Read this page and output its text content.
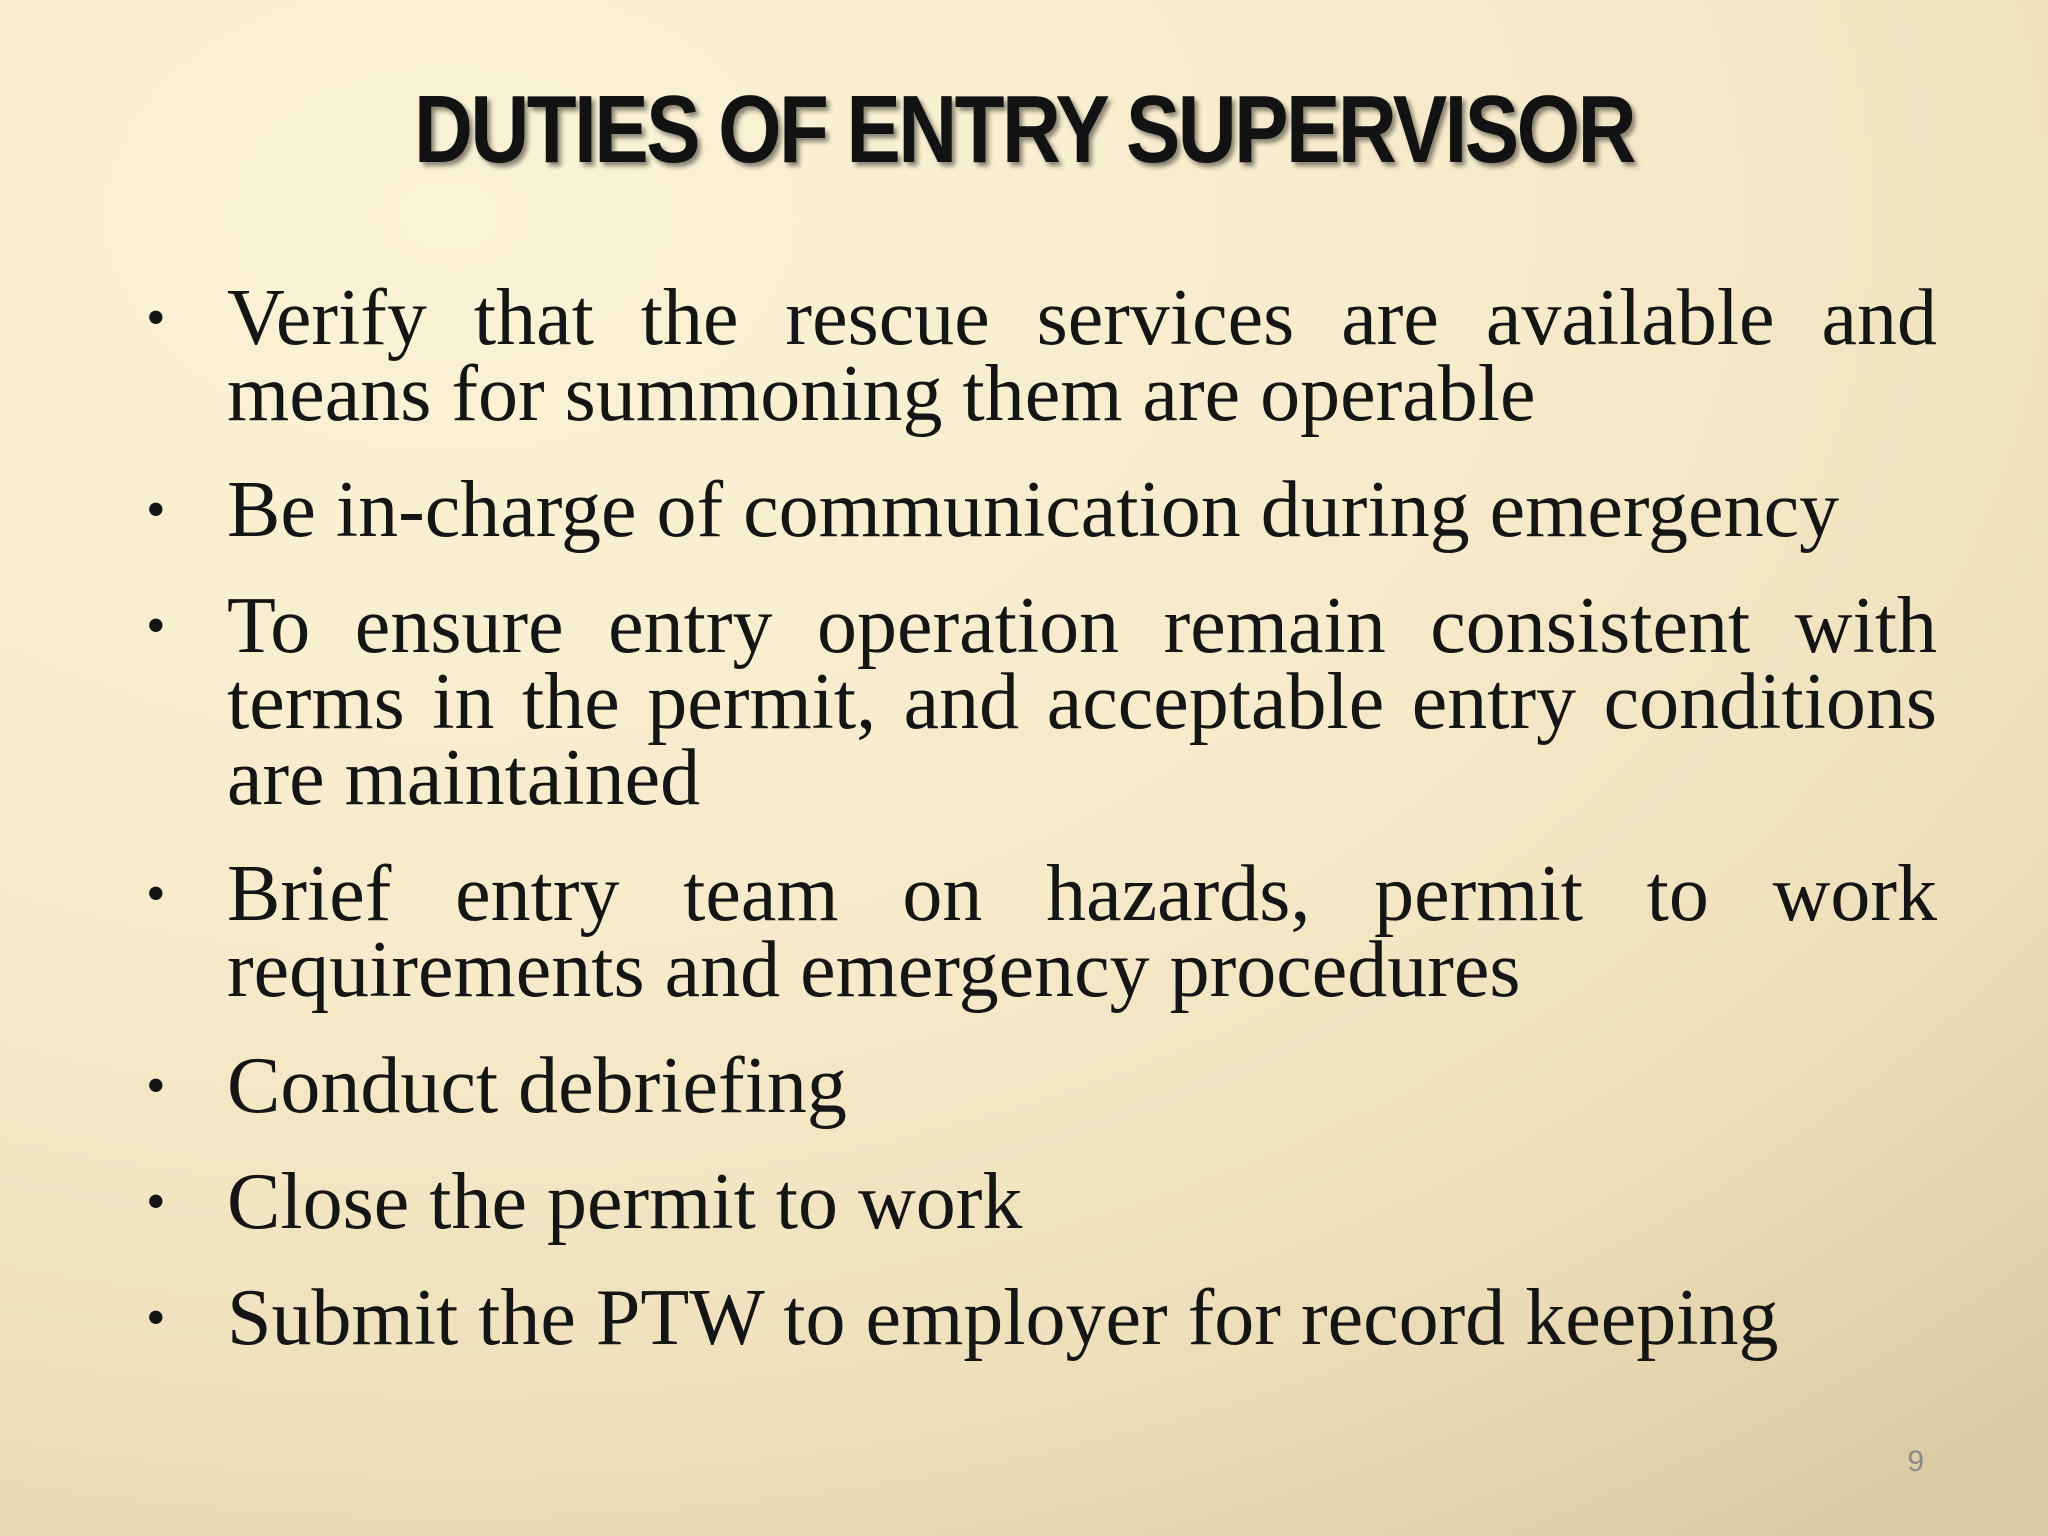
DUTIES OF ENTRY SUPERVISOR
• Verify that the rescue services are available and means for summoning them are operable
• Be in-charge of communication during emergency
• To ensure entry operation remain consistent with terms in the permit, and acceptable entry conditions are maintained
• Brief entry team on hazards, permit to work requirements and emergency procedures
• Conduct debriefing
• Close the permit to work
• Submit the PTW to employer for record keeping
9
